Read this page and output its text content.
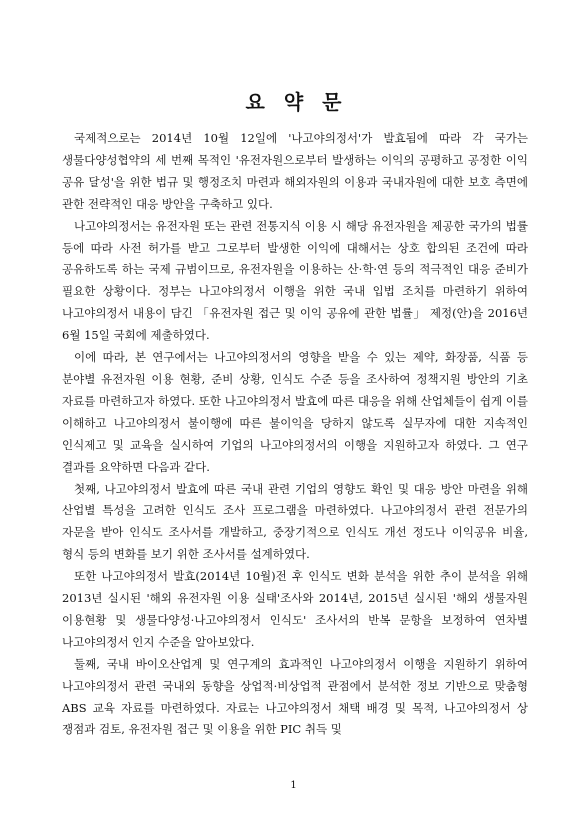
요 약 문

국제적으로는 2014년 10월 12일에 '나고야의정서'가 발효됨에 따라 각 국가는 생물다양성협약의 세 번째 목적인 '유전자원으로부터 발생하는 이익의 공평하고 공정한 이익 공유 달성'을 위한 법규 및 행정조치 마련과 해외자원의 이용과 국내자원에 대한 보호 측면에 관한 전략적인 대응 방안을 구축하고 있다.

나고야의정서는 유전자원 또는 관련 전통지식 이용 시 해당 유전자원을 제공한 국가의 법률 등에 따라 사전 허가를 받고 그로부터 발생한 이익에 대해서는 상호 합의된 조건에 따라 공유하도록 하는 국제 규범이므로, 유전자원을 이용하는 산·학·연 등의 적극적인 대응 준비가 필요한 상황이다. 정부는 나고야의정서 이행을 위한 국내 입법 조치를 마련하기 위하여 나고야의정서 내용이 담긴 「유전자원 접근 및 이익 공유에 관한 법률」 제정(안)을 2016년 6월 15일 국회에 제출하였다.

이에 따라, 본 연구에서는 나고야의정서의 영향을 받을 수 있는 제약, 화장품, 식품 등 분야별 유전자원 이용 현황, 준비 상황, 인식도 수준 등을 조사하여 정책지원 방안의 기초 자료를 마련하고자 하였다. 또한 나고야의정서 발효에 따른 대응을 위해 산업체들이 쉽게 이를 이해하고 나고야의정서 불이행에 따른 불이익을 당하지 않도록 실무자에 대한 지속적인 인식제고 및 교육을 실시하여 기업의 나고야의정서의 이행을 지원하고자 하였다. 그 연구 결과를 요약하면 다음과 같다.

첫째, 나고야의정서 발효에 따른 국내 관련 기업의 영향도 확인 및 대응 방안 마련을 위해 산업별 특성을 고려한 인식도 조사 프로그램을 마련하였다. 나고야의정서 관련 전문가의 자문을 받아 인식도 조사서를 개발하고, 중장기적으로 인식도 개선 정도나 이익공유 비율, 형식 등의 변화를 보기 위한 조사서를 설계하였다.

또한 나고야의정서 발효(2014년 10월)전 후 인식도 변화 분석을 위한 추이 분석을 위해 2013년 실시된 '해외 유전자원 이용 실태'조사와 2014년, 2015년 실시된 '해외 생물자원 이용현황 및 생물다양성·나고야의정서 인식도' 조사서의 반복 문항을 보정하여 연차별 나고야의정서 인지 수준을 알아보았다.

둘째, 국내 바이오산업계 및 연구계의 효과적인 나고야의정서 이행을 지원하기 위하여 나고야의정서 관련 국내외 동향을 상업적·비상업적 관점에서 분석한 정보 기반으로 맞춤형 ABS 교육 자료를 마련하였다. 자료는 나고야의정서 채택 배경 및 목적, 나고야의정서 상 쟁점과 검토, 유전자원 접근 및 이용을 위한 PIC 취득 및

1
